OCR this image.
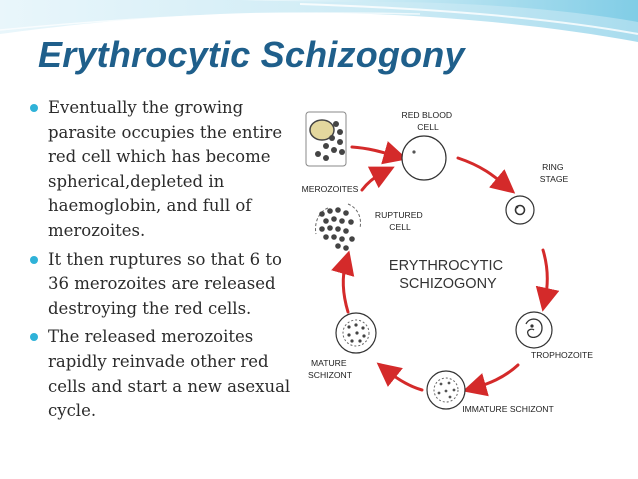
Erythrocytic Schizogony
Eventually the growing parasite occupies the entire red cell which has become spherical,depleted in haemoglobin, and full of merozoites.
It then ruptures so that 6 to 36 merozoites are released destroying the red cells.
The released merozoites rapidly reinvade other red cells and start a new asexual cycle.
RED BLOOD CELL
RING STAGE
TROPHOZOITE
IMMATURE SCHIZONT
MATURE SCHIZONT
RUPTURED CELL
MEROZOITES
ERYTHROCYTIC SCHIZOGONY
